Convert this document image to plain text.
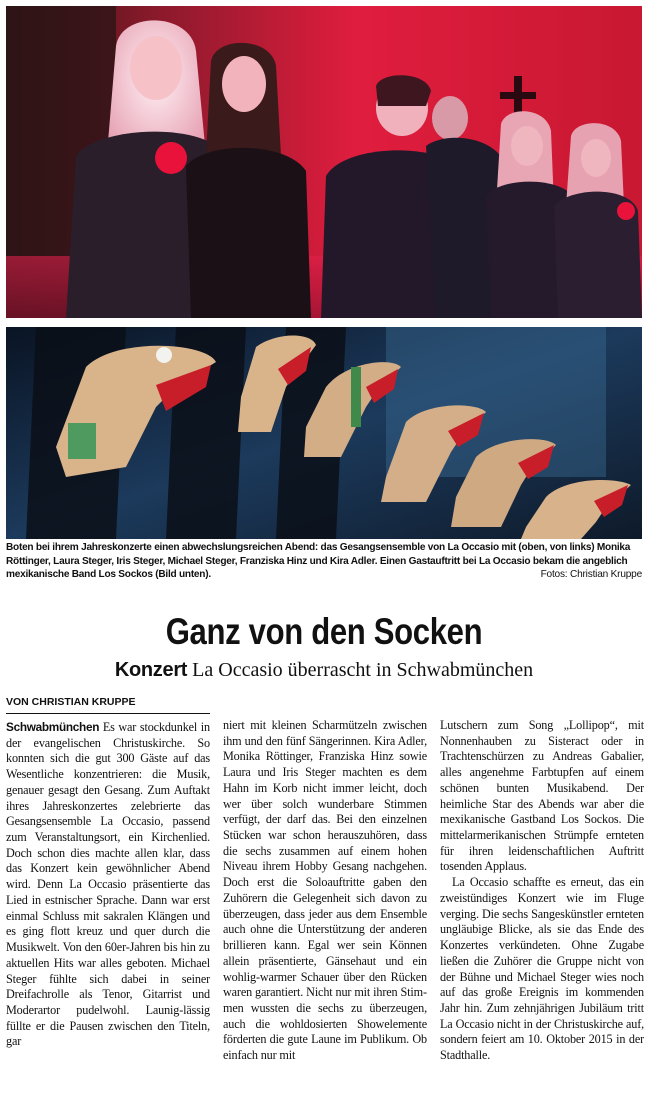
Boten bei ihrem Jahreskonzerte einen abwechslungsreichen Abend: das Gesangsensemble von La Occasio mit (oben, von links) Monika Röttinger, Laura Steger, Iris Steger, Michael Steger, Franziska Hinz und Kira Adler. Einen Gastauftritt bei La Occasio bekam die angeblich mexikanische Band Los Sockos (Bild unten).	Fotos: Christian Kruppe
Ganz von den Socken
Konzert La Occasio überrascht in Schwabmünchen
VON CHRISTIAN KRUPPE

Schwabmünchen Es war stockdunkel in der evangelischen Christuskirche. So konnten sich die gut 300 Gäste auf das Wesentliche konzentrieren: die Musik, genauer gesagt den Gesang. Zum Auftakt ihres Jahreskonzertes zelebrierte das Gesangsensemble La Occasio, passend zum Veranstaltungsort, ein Kirchenlied. Doch schon dies machte allen klar, dass das Konzert kein gewöhnlicher Abend wird. Denn La Occasio präsentierte das Lied in estnischer Sprache. Dann war erst einmal Schluss mit sakralen Klängen und es ging flott kreuz und quer durch die Musikwelt. Von den 60er-Jahren bis hin zu aktuellen Hits war alles geboten. Michael Steger fühlte sich dabei in seiner Dreifachrolle als Tenor, Gitarrist und Moderartor pudelwohl. Launig-lässig füllte er die Pausen zwischen den Titeln, gar

niert mit kleinen Scharmützeln zwischen ihm und den fünf Sängerinnen. Kira Adler, Monika Röttinger, Franziska Hinz sowie Laura und Iris Steger machten es dem Hahn im Korb nicht immer leicht, doch wer über solch wunderbare Stimmen verfügt, der darf das. Bei den einzelnen Stücken war schon herauszuhören, dass die sechs zusammen auf einem hohen Niveau ihrem Hobby Gesang nachgehen. Doch erst die Soloauftritte gaben den Zuhörern die Gelegenheit sich davon zu überzeugen, dass jeder aus dem Ensemble auch ohne die Unterstützung der anderen brillieren kann. Egal wer sein Können allein präsentierte, Gänsehaut und ein wohlig-warmer Schauer über den Rücken waren garantiert. Nicht nur mit ihren Stimmen wussten die sechs zu überzeugen, auch die wohldosierten Showelemente förderten die gute Laune im Publikum. Ob einfach nur mit

Lutschern zum Song „Lollipop“, mit Nonnenhauben zu Sisteract oder in Trachtenschürzen zu Andreas Gabalier, alles angenehme Farbtupfen auf einem schönen bunten Musikabend. Der heimliche Star des Abends war aber die mexikanische Gastband Los Sockos. Die mittelarmerikanischen Strümpfe ernteten für ihren leidenschaftlichen Auftritt tosenden Applaus.

La Occasio schaffte es erneut, das ein zweistündiges Konzert wie im Fluge verging. Die sechs Sangeskünstler ernteten ungläubige Blicke, als sie das Ende des Konzertes verkündeten. Ohne Zugabe ließen die Zuhörer die Gruppe nicht von der Bühne und Michael Steger wies noch auf das große Ereignis im kommenden Jahr hin. Zum zehnjährigen Jubiläum tritt La Occasio nicht in der Christuskirche auf, sondern feiert am 10. Oktober 2015 in der Stadthalle.
